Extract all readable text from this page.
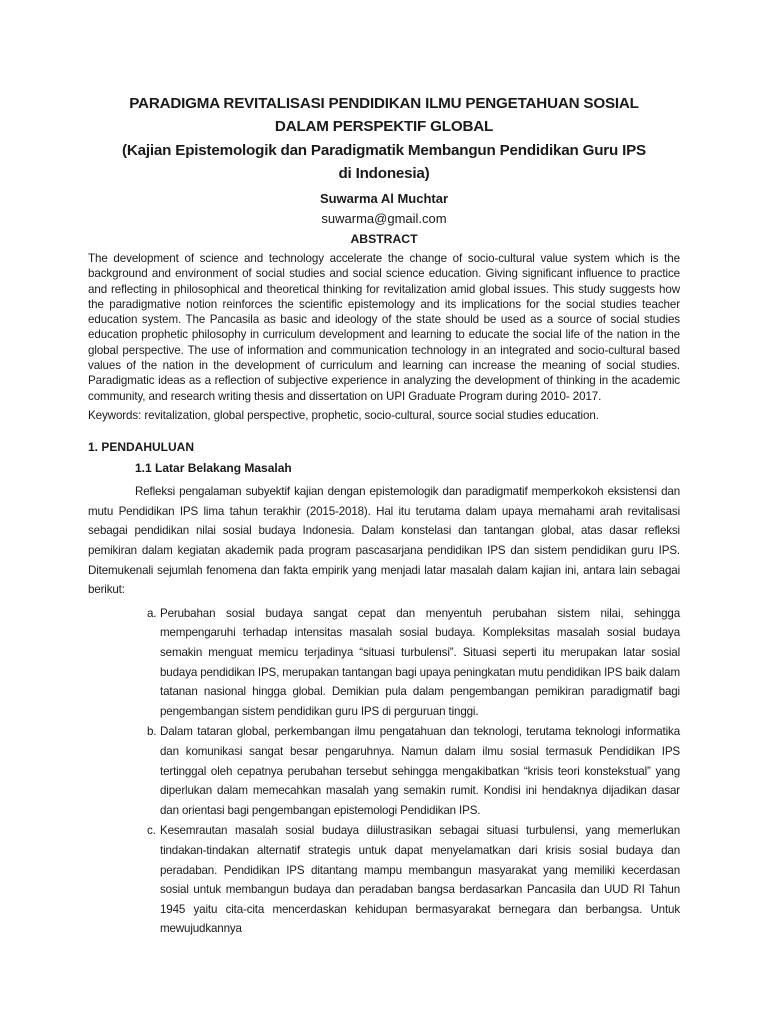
PARADIGMA REVITALISASI PENDIDIKAN ILMU PENGETAHUAN SOSIAL
DALAM PERSPEKTIF GLOBAL
(Kajian Epistemologik dan Paradigmatik Membangun Pendidikan Guru IPS
di Indonesia)
Suwarma Al Muchtar
suwarma@gmail.com
ABSTRACT
The development of science and technology accelerate the change of socio-cultural value system which is the background and environment of social studies and social science education. Giving significant influence to practice and reflecting in philosophical and theoretical thinking for revitalization amid global issues. This study suggests how the paradigmative notion reinforces the scientific epistemology and its implications for the social studies teacher education system. The Pancasila as basic and ideology of the state should be used as a source of social studies education prophetic philosophy in curriculum development and learning to educate the social life of the nation in the global perspective. The use of information and communication technology in an integrated and socio-cultural based values of the nation in the development of curriculum and learning can increase the meaning of social studies. Paradigmatic ideas as a reflection of subjective experience in analyzing the development of thinking in the academic community, and research writing thesis and dissertation on UPI Graduate Program during 2010- 2017.
Keywords: revitalization, global perspective, prophetic, socio-cultural, source social studies education.
1. PENDAHULUAN
1.1 Latar Belakang Masalah
Refleksi pengalaman subyektif kajian dengan epistemologik dan paradigmatif memperkokoh eksistensi dan mutu Pendidikan IPS lima tahun terakhir (2015-2018). Hal itu terutama dalam upaya memahami arah revitalisasi sebagai pendidikan nilai sosial budaya Indonesia. Dalam konstelasi dan tantangan global, atas dasar refleksi pemikiran dalam kegiatan akademik pada program pascasarjana pendidikan IPS dan sistem pendidikan guru IPS. Ditemukenali sejumlah fenomena dan fakta empirik yang menjadi latar masalah dalam kajian ini, antara lain sebagai berikut:
a. Perubahan sosial budaya sangat cepat dan menyentuh perubahan sistem nilai, sehingga mempengaruhi terhadap intensitas masalah sosial budaya. Kompleksitas masalah sosial budaya semakin menguat memicu terjadinya “situasi turbulensi”. Situasi seperti itu merupakan latar sosial budaya pendidikan IPS, merupakan tantangan bagi upaya peningkatan mutu pendidikan IPS baik dalam tatanan nasional hingga global. Demikian pula dalam pengembangan pemikiran paradigmatif bagi pengembangan sistem pendidikan guru IPS di perguruan tinggi.
b. Dalam tataran global, perkembangan ilmu pengatahuan dan teknologi, terutama teknologi informatika dan komunikasi sangat besar pengaruhnya. Namun dalam ilmu sosial termasuk Pendidikan IPS tertinggal oleh cepatnya perubahan tersebut sehingga mengakibatkan “krisis teori konstekstual” yang diperlukan dalam memecahkan masalah yang semakin rumit. Kondisi ini hendaknya dijadikan dasar dan orientasi bagi pengembangan epistemologi Pendidikan IPS.
c. Kesemrautan masalah sosial budaya diilustrasikan sebagai situasi turbulensi, yang memerlukan tindakan-tindakan alternatif strategis untuk dapat menyelamatkan dari krisis sosial budaya dan peradaban. Pendidikan IPS ditantang mampu membangun masyarakat yang memiliki kecerdasan sosial untuk membangun budaya dan peradaban bangsa berdasarkan Pancasila dan UUD RI Tahun 1945 yaitu cita-cita mencerdaskan kehidupan bermasyarakat bernegara dan berbangsa. Untuk mewujudkannya
